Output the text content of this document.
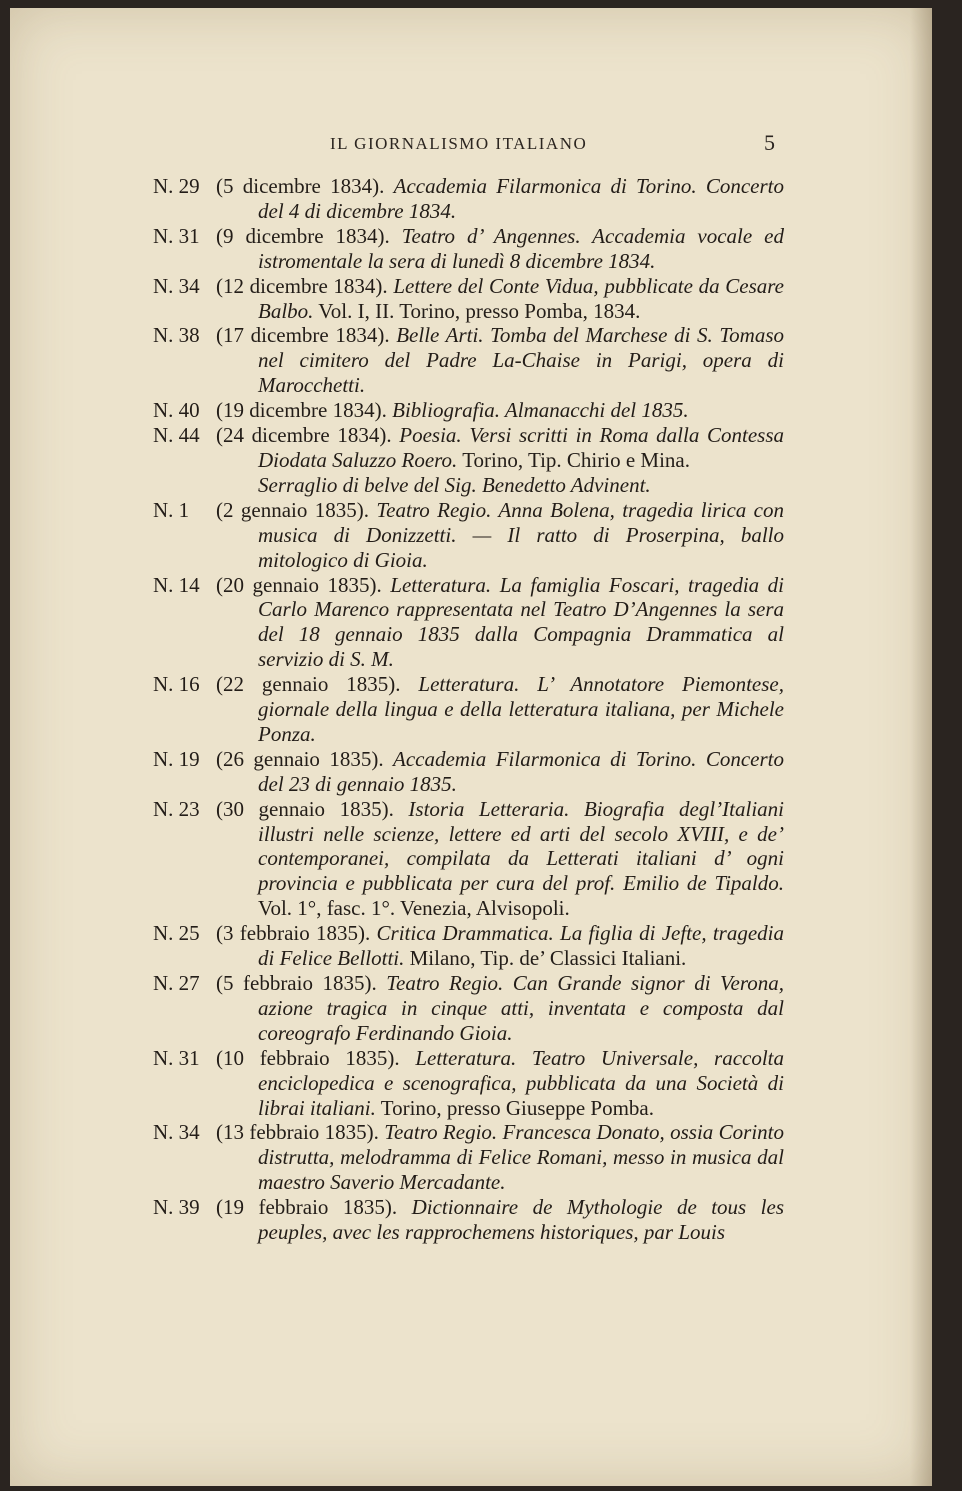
IL GIORNALISMO ITALIANO	5
N. 29 (5 dicembre 1834). Accademia Filarmonica di Torino. Concerto del 4 di dicembre 1834.
N. 31 (9 dicembre 1834). Teatro d’ Angennes. Accademia vocale ed istromentale la sera di lunedì 8 dicembre 1834.
N. 34 (12 dicembre 1834). Lettere del Conte Vidua, pubblicate da Cesare Balbo. Vol. I, II. Torino, presso Pomba, 1834.
N. 38 (17 dicembre 1834). Belle Arti. Tomba del Marchese di S. Tomaso nel cimitero del Padre La-Chaise in Parigi, opera di Marocchetti.
N. 40 (19 dicembre 1834). Bibliografia. Almanacchi del 1835.
N. 44 (24 dicembre 1834). Poesia. Versi scritti in Roma dalla Contessa Diodata Saluzzo Roero. Torino, Tip. Chirio e Mina.
Serraglio di belve del Sig. Benedetto Advinent.
N. 1 (2 gennaio 1835). Teatro Regio. Anna Bolena, tragedia lirica con musica di Donizzetti. — Il ratto di Proserpina, ballo mitologico di Gioia.
N. 14 (20 gennaio 1835). Letteratura. La famiglia Foscari, tragedia di Carlo Marenco rappresentata nel Teatro D’Angennes la sera del 18 gennaio 1835 dalla Compagnia Drammatica al servizio di S. M.
N. 16 (22 gennaio 1835). Letteratura. L’ Annotatore Piemontese, giornale della lingua e della letteratura italiana, per Michele Ponza.
N. 19 (26 gennaio 1835). Accademia Filarmonica di Torino. Concerto del 23 di gennaio 1835.
N. 23 (30 gennaio 1835). Istoria Letteraria. Biografia degl’Italiani illustri nelle scienze, lettere ed arti del secolo XVIII, e de’ contemporanei, compilata da Letterati italiani d’ ogni provincia e pubblicata per cura del prof. Emilio de Tipaldo. Vol. 1°, fasc. 1°. Venezia, Alvisopoli.
N. 25 (3 febbraio 1835). Critica Drammatica. La figlia di Jefte, tragedia di Felice Bellotti. Milano, Tip. de’ Classici Italiani.
N. 27 (5 febbraio 1835). Teatro Regio. Can Grande signor di Verona, azione tragica in cinque atti, inventata e composta dal coreografo Ferdinando Gioia.
N. 31 (10 febbraio 1835). Letteratura. Teatro Universale, raccolta enciclopedica e scenografica, pubblicata da una Società di librai italiani. Torino, presso Giuseppe Pomba.
N. 34 (13 febbraio 1835). Teatro Regio. Francesca Donato, ossia Corinto distrutta, melodramma di Felice Romani, messo in musica dal maestro Saverio Mercadante.
N. 39 (19 febbraio 1835). Dictionnaire de Mythologie de tous les peuples, avec les rapprochemens historiques, par Louis
